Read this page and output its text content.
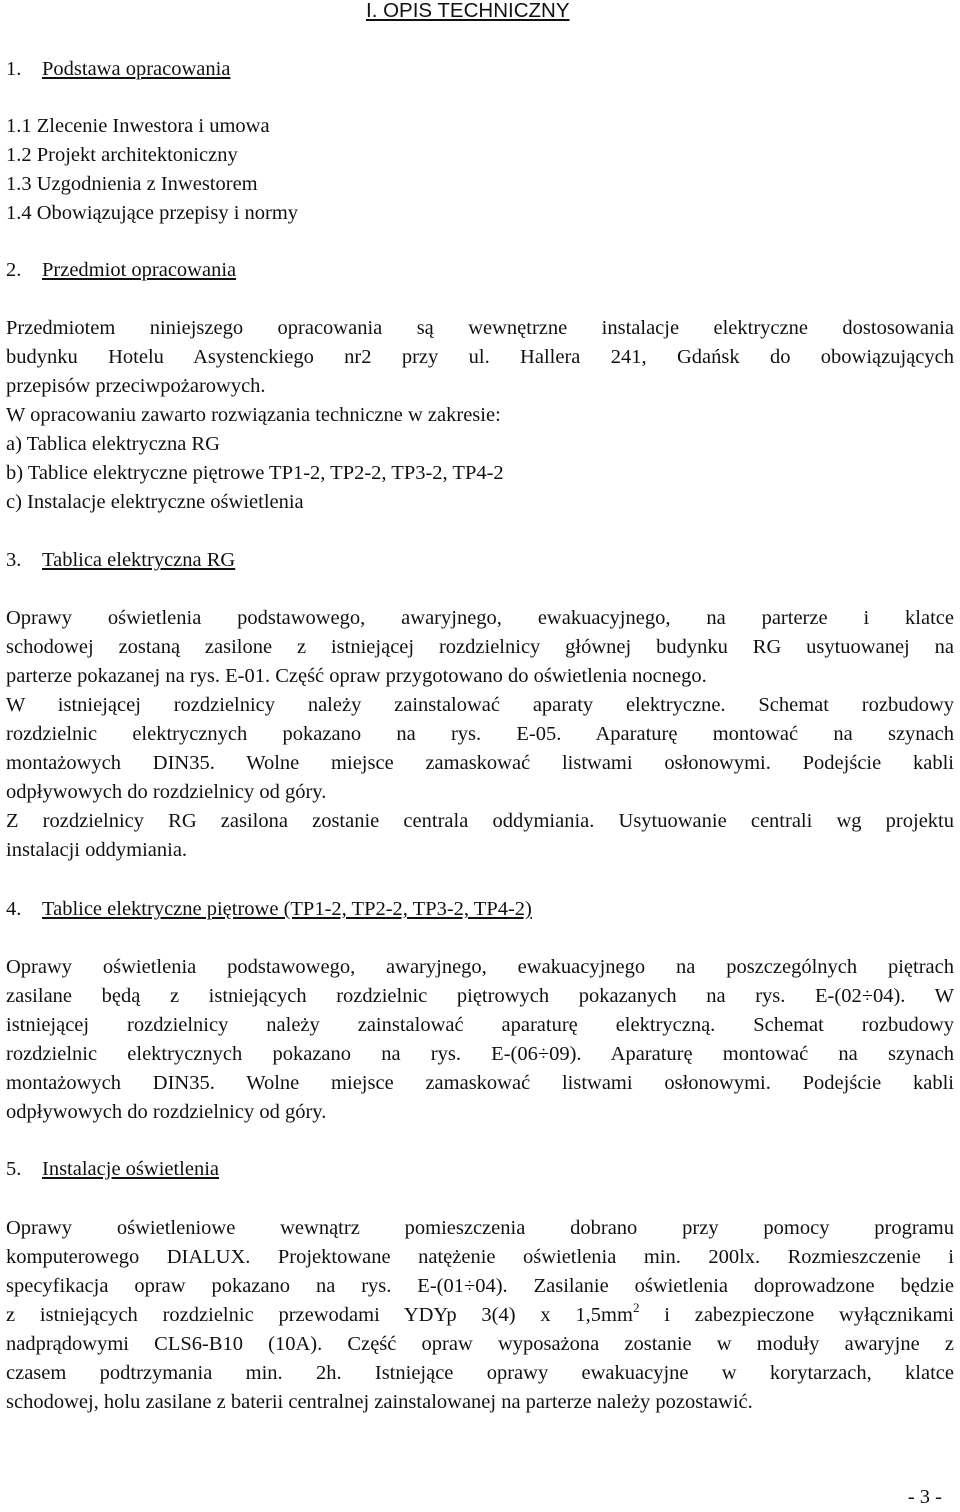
I. OPIS TECHNICZNY
1. Podstawa opracowania
1.1 Zlecenie Inwestora i umowa
1.2 Projekt architektoniczny
1.3 Uzgodnienia z Inwestorem
1.4 Obowiązujące przepisy i normy
2. Przedmiot opracowania
Przedmiotem niniejszego opracowania są wewnętrzne instalacje elektryczne dostosowania
budynku Hotelu Asystenckiego nr2 przy ul. Hallera 241, Gdańsk do obowiązujących
przepisów przeciwpożarowych.
W opracowaniu zawarto rozwiązania techniczne w zakresie:
a) Tablica elektryczna RG
b) Tablice elektryczne piętrowe TP1-2, TP2-2, TP3-2, TP4-2
c) Instalacje elektryczne oświetlenia
3. Tablica elektryczna RG
Oprawy oświetlenia podstawowego, awaryjnego, ewakuacyjnego, na parterze i klatce
schodowej zostaną zasilone z istniejącej rozdzielnicy głównej budynku RG usytuowanej na
parterze pokazanej na rys. E-01. Część opraw przygotowano do oświetlenia nocnego.
W istniejącej rozdzielnicy należy zainstalować aparaty elektryczne. Schemat rozbudowy
rozdzielnic elektrycznych pokazano na rys. E-05. Aparaturę montować na szynach
montażowych DIN35. Wolne miejsce zamaskować listwami osłonowymi. Podejście kabli
odpływowych do rozdzielnicy od góry.
Z rozdzielnicy RG zasilona zostanie centrala oddymiania. Usytuowanie centrali wg projektu
instalacji oddymiania.
4. Tablice elektryczne piętrowe (TP1-2, TP2-2, TP3-2, TP4-2)
Oprawy oświetlenia podstawowego, awaryjnego, ewakuacyjnego na poszczególnych piętrach
zasilane będą z istniejących rozdzielnic piętrowych pokazanych na rys. E-(02÷04). W
istniejącej rozdzielnicy należy zainstalować aparaturę elektryczną. Schemat rozbudowy
rozdzielnic elektrycznych pokazano na rys. E-(06÷09). Aparaturę montować na szynach
montażowych DIN35. Wolne miejsce zamaskować listwami osłonowymi. Podejście kabli
odpływowych do rozdzielnicy od góry.
5. Instalacje oświetlenia
Oprawy oświetleniowe wewnątrz pomieszczenia dobrano przy pomocy programu
komputerowego DIALUX. Projektowane natężenie oświetlenia min. 200lx. Rozmieszczenie i
specyfikacja opraw pokazano na rys. E-(01÷04). Zasilanie oświetlenia doprowadzone będzie
z istniejących rozdzielnic przewodami YDYp 3(4) x $1,5mm^2$ i zabezpieczone wyłącznikami
nadprądowymi CLS6-B10 (10A). Część opraw wyposażona zostanie w moduły awaryjne z
czasem podtrzymania min. 2h. Istniejące oprawy ewakuacyjne w korytarzach, klatce
schodowej, holu zasilane z baterii centralnej zainstalowanej na parterze należy pozostawić.
- 3 -
